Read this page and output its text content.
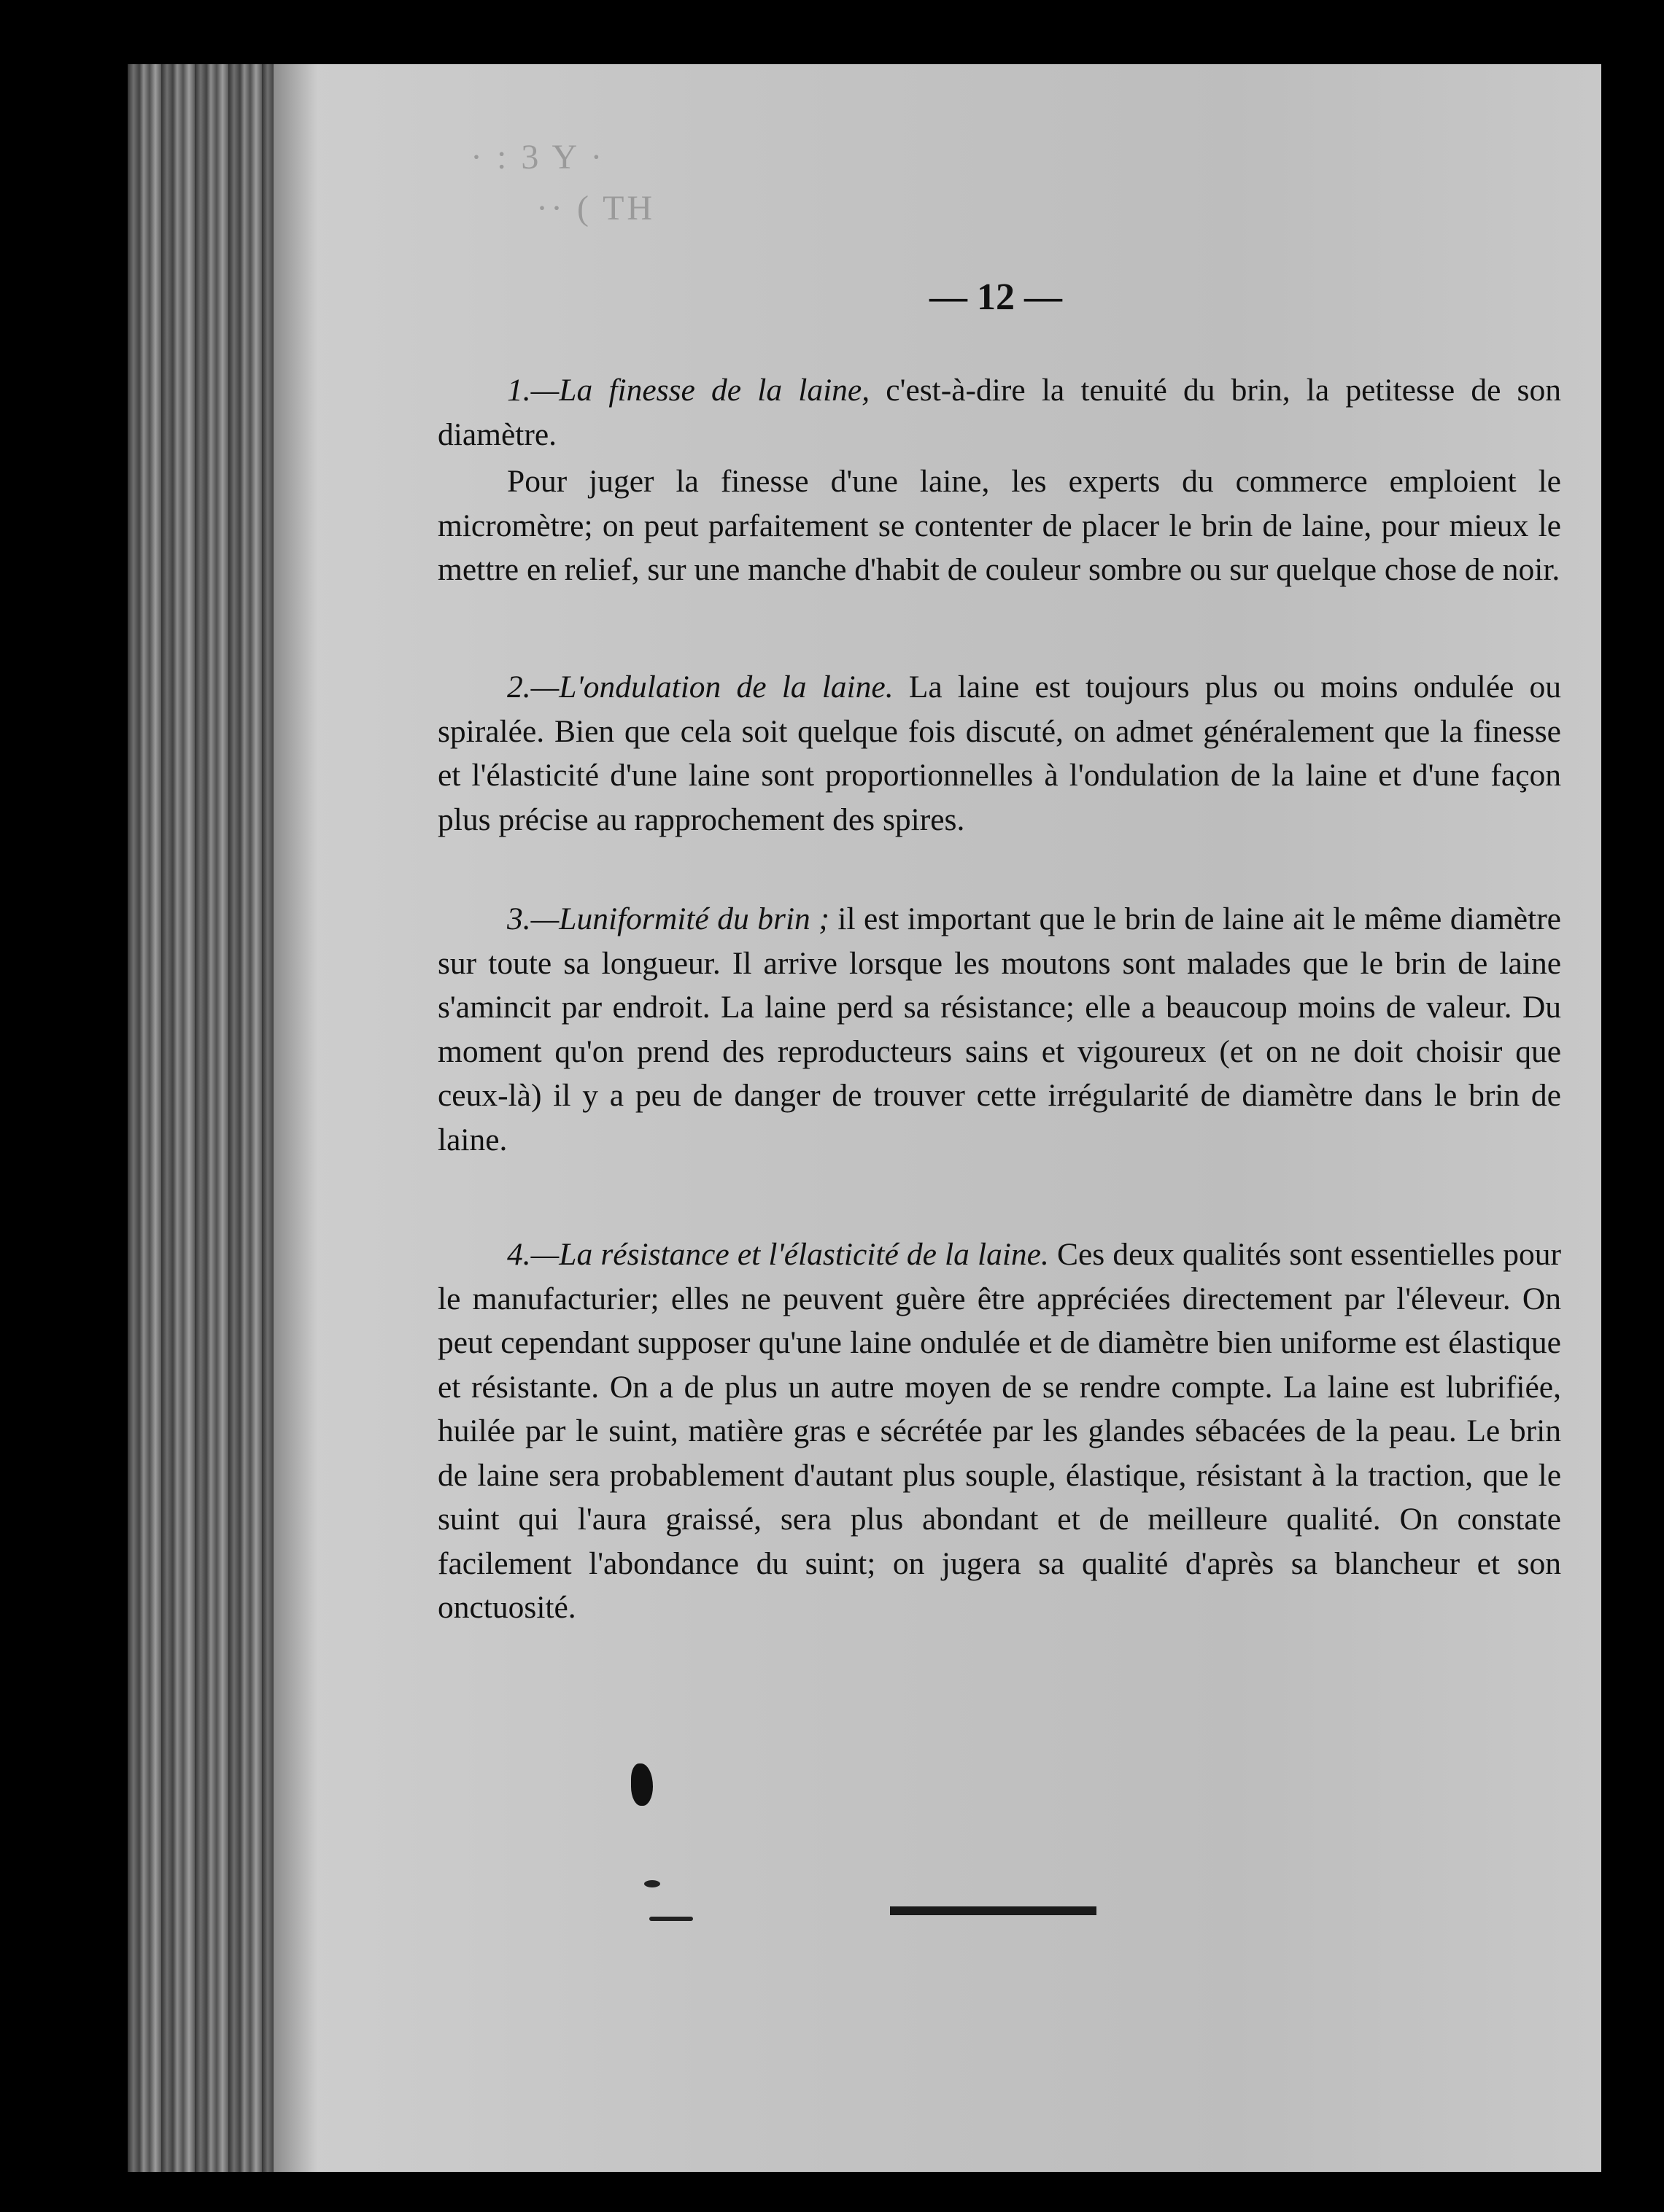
· : 3 Y ·
·· ( TH
— 12 —

1.—La finesse de la laine, c'est-à-dire la tenuité du brin, la petitesse de son diamètre.

Pour juger la finesse d'une laine, les experts du commerce emploient le micromètre; on peut parfaitement se contenter de placer le brin de laine, pour mieux le mettre en relief, sur une manche d'habit de couleur sombre ou sur quelque chose de noir.

2.—L'ondulation de la laine. La laine est toujours plus ou moins ondulée ou spiralée. Bien que cela soit quelque fois discuté, on admet généralement que la finesse et l'élasticité d'une laine sont proportionnelles à l'ondulation de la laine et d'une façon plus précise au rapprochement des spires.

3.—Luniformité du brin ; il est important que le brin de laine ait le même diamètre sur toute sa longueur. Il arrive lorsque les moutons sont malades que le brin de laine s'amincit par endroit. La laine perd sa résistance; elle a beaucoup moins de valeur. Du moment qu'on prend des reproducteurs sains et vigoureux (et on ne doit choisir que ceux-là) il y a peu de danger de trouver cette irrégularité de diamètre dans le brin de laine.

4.—La résistance et l'élasticité de la laine. Ces deux qualités sont essentielles pour le manufacturier; elles ne peuvent guère être appréciées directement par l'éleveur. On peut cependant supposer qu'une laine ondulée et de diamètre bien uniforme est élastique et résistante. On a de plus un autre moyen de se rendre compte. La laine est lubrifiée, huilée par le suint, matière gras e sécrétée par les glandes sébacées de la peau. Le brin de laine sera probablement d'autant plus souple, élastique, résistant à la traction, que le suint qui l'aura graissé, sera plus abondant et de meilleure qualité. On constate facilement l'abondance du suint; on jugera sa qualité d'après sa blancheur et son onctuosité.
